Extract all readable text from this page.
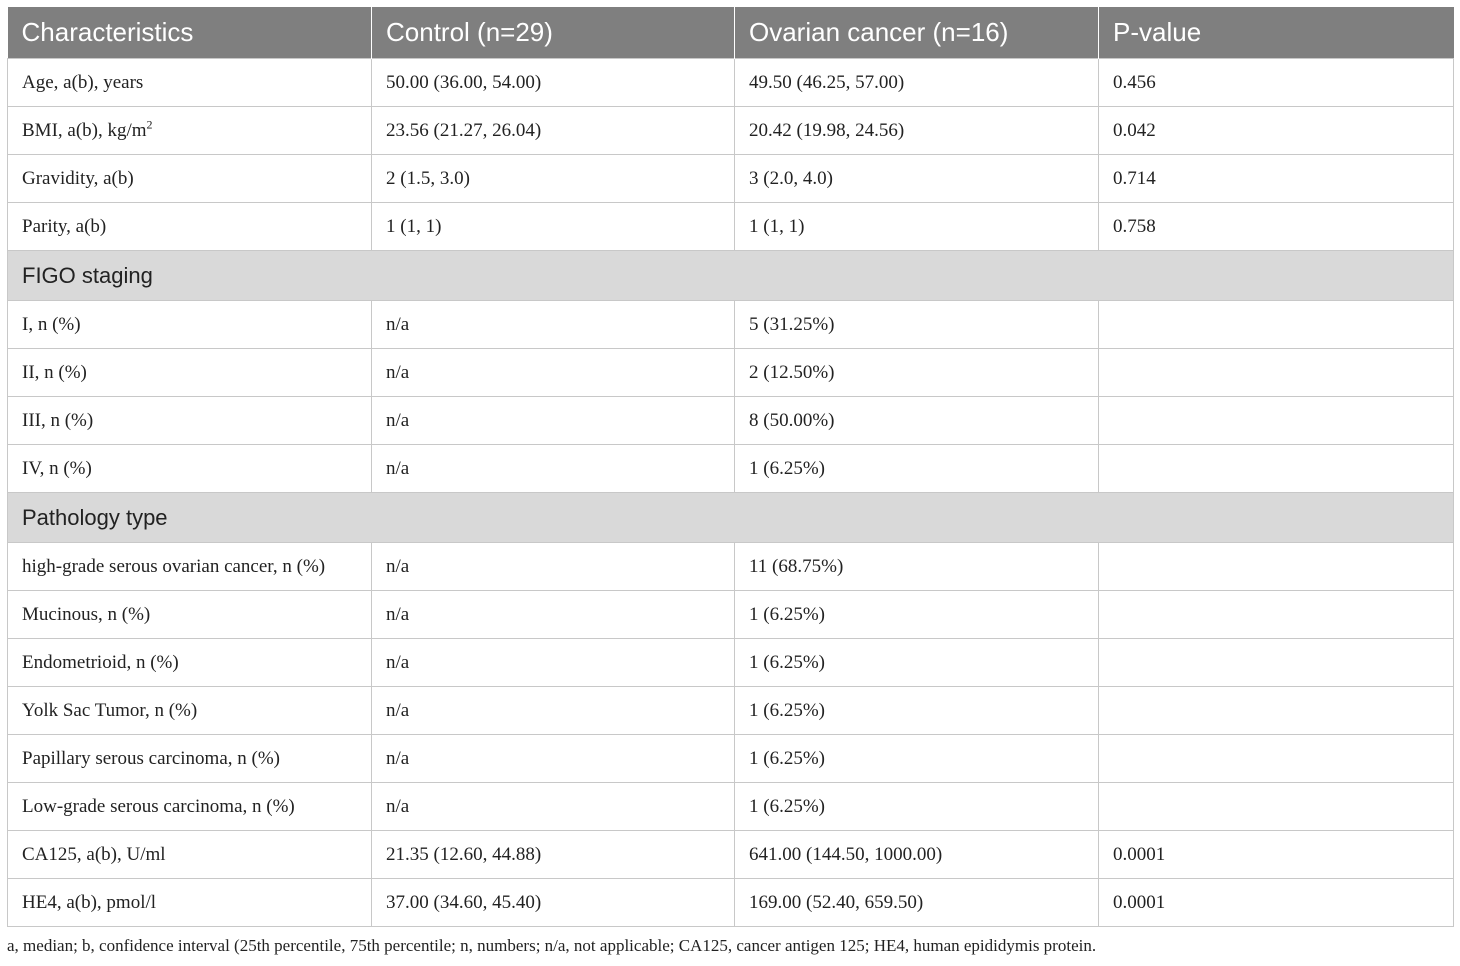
Characteristics	Control (n=29)	Ovarian cancer (n=16)	P-value
Age, a(b), years	50.00 (36.00, 54.00)	49.50 (46.25, 57.00)	0.456
BMI, a(b), $kg/m^2$	23.56 (21.27, 26.04)	20.42 (19.98, 24.56)	0.042
Gravidity, a(b)	2 (1.5, 3.0)	3 (2.0, 4.0)	0.714
Parity, a(b)	1 (1, 1)	1 (1, 1)	0.758
FIGO staging			
I, n (%)	n/a	5 (31.25%)	
II, n (%)	n/a	2 (12.50%)	
III, n (%)	n/a	8 (50.00%)	
IV, n (%)	n/a	1 (6.25%)	
Pathology type			
high-grade serous ovarian cancer, n (%)	n/a	11 (68.75%)	
Mucinous, n (%)	n/a	1 (6.25%)	
Endometrioid, n (%)	n/a	1 (6.25%)	
Yolk Sac Tumor, n (%)	n/a	1 (6.25%)	
Papillary serous carcinoma, n (%)	n/a	1 (6.25%)	
Low-grade serous carcinoma, n (%)	n/a	1 (6.25%)	
CA125, a(b), U/ml	21.35 (12.60, 44.88)	641.00 (144.50, 1000.00)	0.0001
HE4, a(b), pmol/l	37.00 (34.60, 45.40)	169.00 (52.40, 659.50)	0.0001
a, median; b, confidence interval (25th percentile, 75th percentile; n, numbers; n/a, not applicable; CA125, cancer antigen 125; HE4, human epididymis protein.
